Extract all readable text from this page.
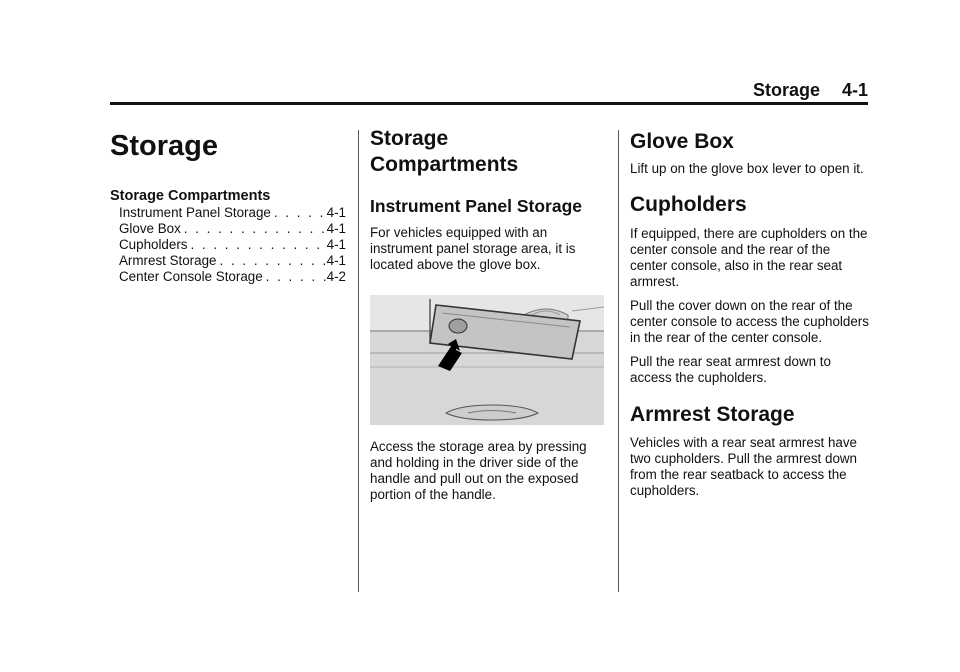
Storage 4-1
Storage
Storage Compartments
Instrument Panel Storage . . .	4-1
Glove Box . . .	4-1
Cupholders . . .	4-1
Armrest Storage . . .	4-1
Center Console Storage . . .	4-2
Storage
Compartments
Instrument Panel Storage

For vehicles equipped with an instrument panel storage area, it is located above the glove box.

Access the storage area by pressing and holding in the driver side of the handle and pull out on the exposed portion of the handle.

Glove Box

Lift up on the glove box lever to open it.

Cupholders

If equipped, there are cupholders on the center console and the rear of the center console, also in the rear seat armrest.

Pull the cover down on the rear of the center console to access the cupholders in the rear of the center console.

Pull the rear seat armrest down to access the cupholders.

Armrest Storage

Vehicles with a rear seat armrest have two cupholders. Pull the armrest down from the rear seatback to access the cupholders.
